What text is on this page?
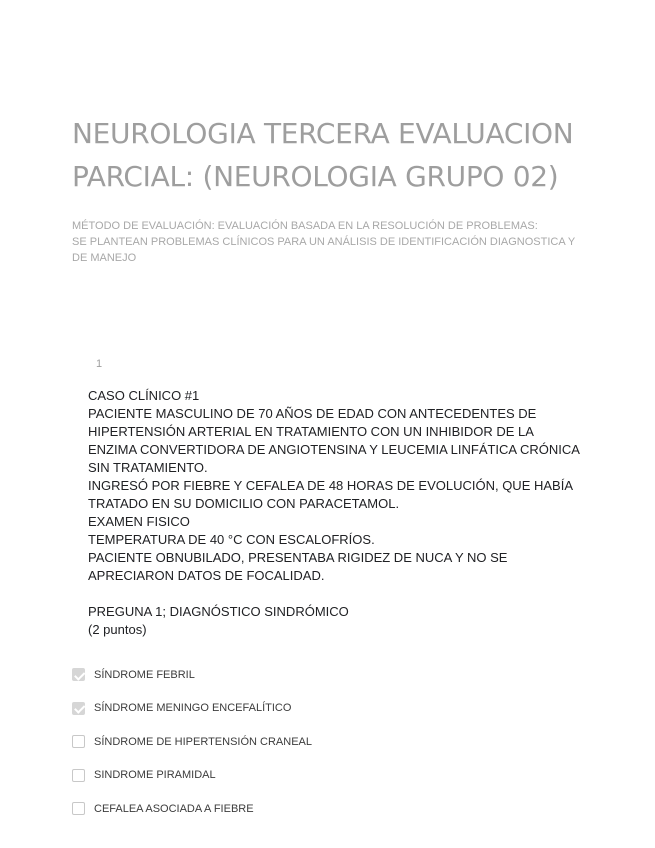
NEUROLOGIA TERCERA EVALUACION
PARCIAL: (NEUROLOGIA GRUPO 02)
MÉTODO DE EVALUACIÓN: EVALUACIÓN BASADA EN LA RESOLUCIÓN DE PROBLEMAS:
SE PLANTEAN PROBLEMAS CLÍNICOS PARA UN ANÁLISIS DE IDENTIFICACIÓN DIAGNOSTICA Y
DE MANEJO
1
CASO CLÍNICO #1
PACIENTE MASCULINO DE 70 AÑOS DE EDAD CON ANTECEDENTES DE
HIPERTENSIÓN ARTERIAL EN TRATAMIENTO CON UN INHIBIDOR DE LA
ENZIMA CONVERTIDORA DE ANGIOTENSINA Y LEUCEMIA LINFÁTICA CRÓNICA
SIN TRATAMIENTO.
INGRESÓ POR FIEBRE Y CEFALEA DE 48 HORAS DE EVOLUCIÓN, QUE HABÍA
TRATADO EN SU DOMICILIO CON PARACETAMOL.
EXAMEN FISICO
TEMPERATURA DE 40 °C CON ESCALOFRÍOS.
PACIENTE OBNUBILADO, PRESENTABA RIGIDEZ DE NUCA Y NO SE
APRECIARON DATOS DE FOCALIDAD.
PREGUNA 1; DIAGNÓSTICO SINDRÓMICO
(2 puntos)
SÍNDROME FEBRIL
SÍNDROME MENINGO ENCEFALÍTICO
SÍNDROME DE HIPERTENSIÓN CRANEAL
SINDROME PIRAMIDAL
CEFALEA ASOCIADA A FIEBRE
